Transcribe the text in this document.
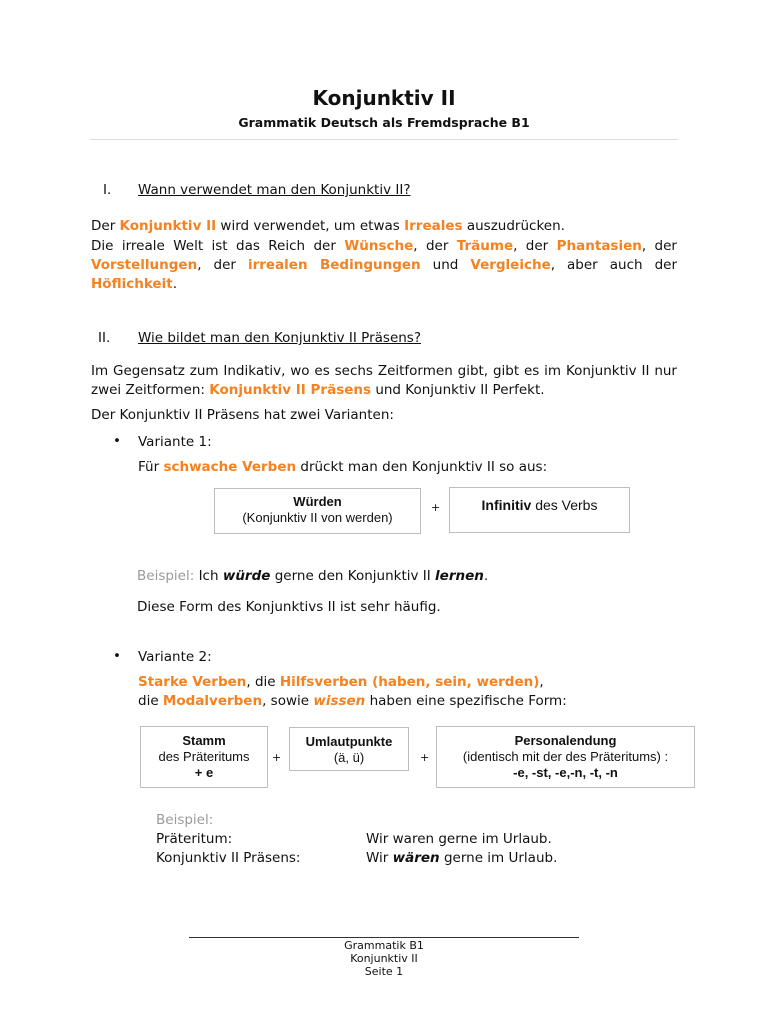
Konjunktiv II
Grammatik Deutsch als Fremdsprache B1
I. Wann verwendet man den Konjunktiv II?
Der Konjunktiv II wird verwendet, um etwas Irreales auszudrücken.
Die irreale Welt ist das Reich der Wünsche, der Träume, der Phantasien, der Vorstellungen, der irrealen Bedingungen und Vergleiche, aber auch der Höflichkeit.
II. Wie bildet man den Konjunktiv II Präsens?
Im Gegensatz zum Indikativ, wo es sechs Zeitformen gibt, gibt es im Konjunktiv II nur zwei Zeitformen: Konjunktiv II Präsens und Konjunktiv II Perfekt.
Der Konjunktiv II Präsens hat zwei Varianten:
• Variante 1:
Für schwache Verben drückt man den Konjunktiv II so aus:
Würden
(Konjunktiv II von werden)
+	Infinitiv des Verbs
Beispiel: Ich würde gerne den Konjunktiv II lernen.
Diese Form des Konjunktivs II ist sehr häufig.
• Variante 2:
Starke Verben, die Hilfsverben (haben, sein, werden),
die Modalverben, sowie wissen haben eine spezifische Form:
Stamm
des Präteritums
+ e
+
Umlautpunkte
(ä, ü)	+
Personalendung
(identisch mit der des Präteritums) :
-e, -st, -e,-n, -t, -n
Beispiel:
Präteritum:	Wir waren gerne im Urlaub.
Konjunktiv II Präsens:	Wir wären gerne im Urlaub.
Grammatik B1
Konjunktiv II
Seite 1
